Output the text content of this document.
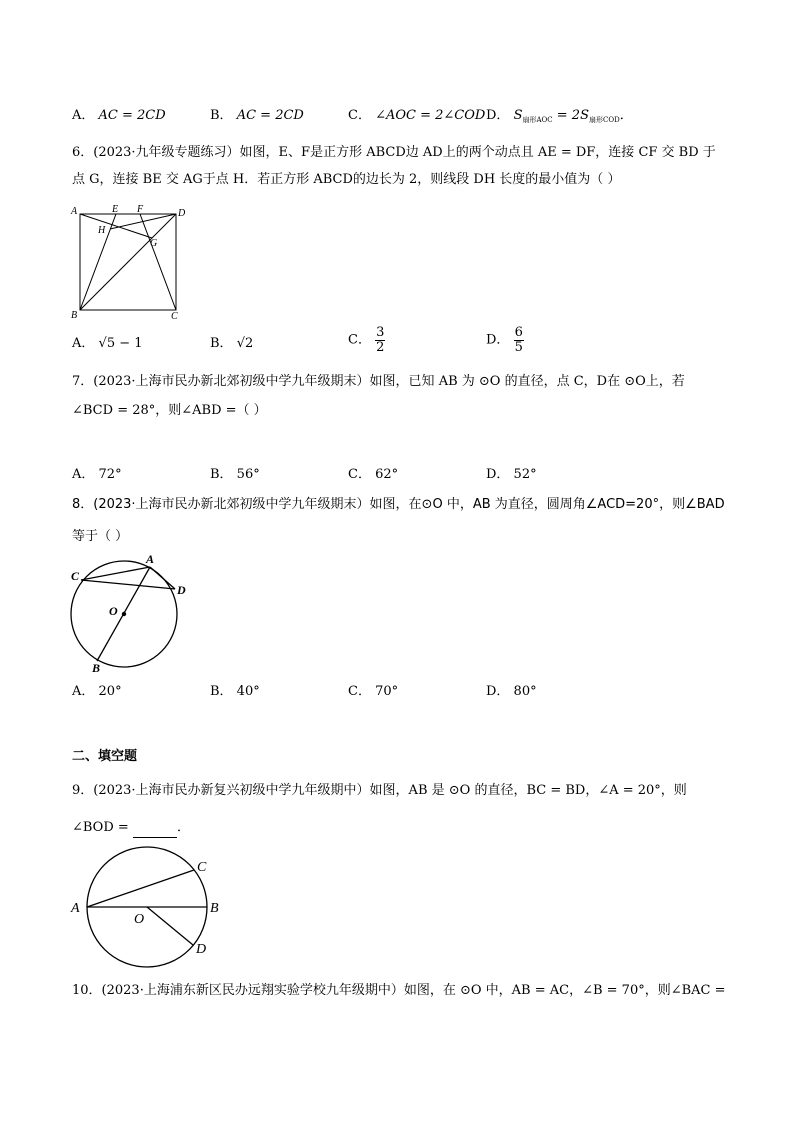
A． AC = 2CD	B． AC = 2CD	C． ∠AOC = 2∠COD D． $S_{扇形AOC} = 2S_{扇形COD}$．
6．(2023·九年级专题练习）如图，E、F是正方形 ABCD边 AD上的两个动点且 AE = DF，连接 CF 交 BD 于
点 G，连接 BE 交 AG于点 H．若正方形 ABCD的边长为 2，则线段 DH 长度的最小值为（ ）
A	E F	D
H
G
B	C
A． √5 − 1	B． √2	C． $\frac{3}{2}$	D． $\frac{6}{5}$
7．(2023·上海市民办新北郊初级中学九年级期末）如图，已知 AB 为 ⊙O 的直径，点 C，D在 ⊙O上，若
∠BCD = 28°，则∠ABD =（ ）
A． 72°	B． 56°	C． 62°	D． 52°
8．(2023·上海市民办新北郊初级中学九年级期末）如图，在⊙O 中，AB 为直径，圆周角∠ACD=20°，则∠BAD
等于（ ）
A
C
D
O
B
A． 20°	B． 40°	C． 70°	D． 80°
二、填空题
9．(2023·上海市民办新复兴初级中学九年级期中）如图，AB 是 ⊙O 的直径，BC = BD，∠A = 20°，则
∠BOD =	．
A	B
C
D
O
10．(2023·上海浦东新区民办远翔实验学校九年级期中）如图，在 ⊙O 中，AB = AC，∠B = 70°，则∠BAC =
